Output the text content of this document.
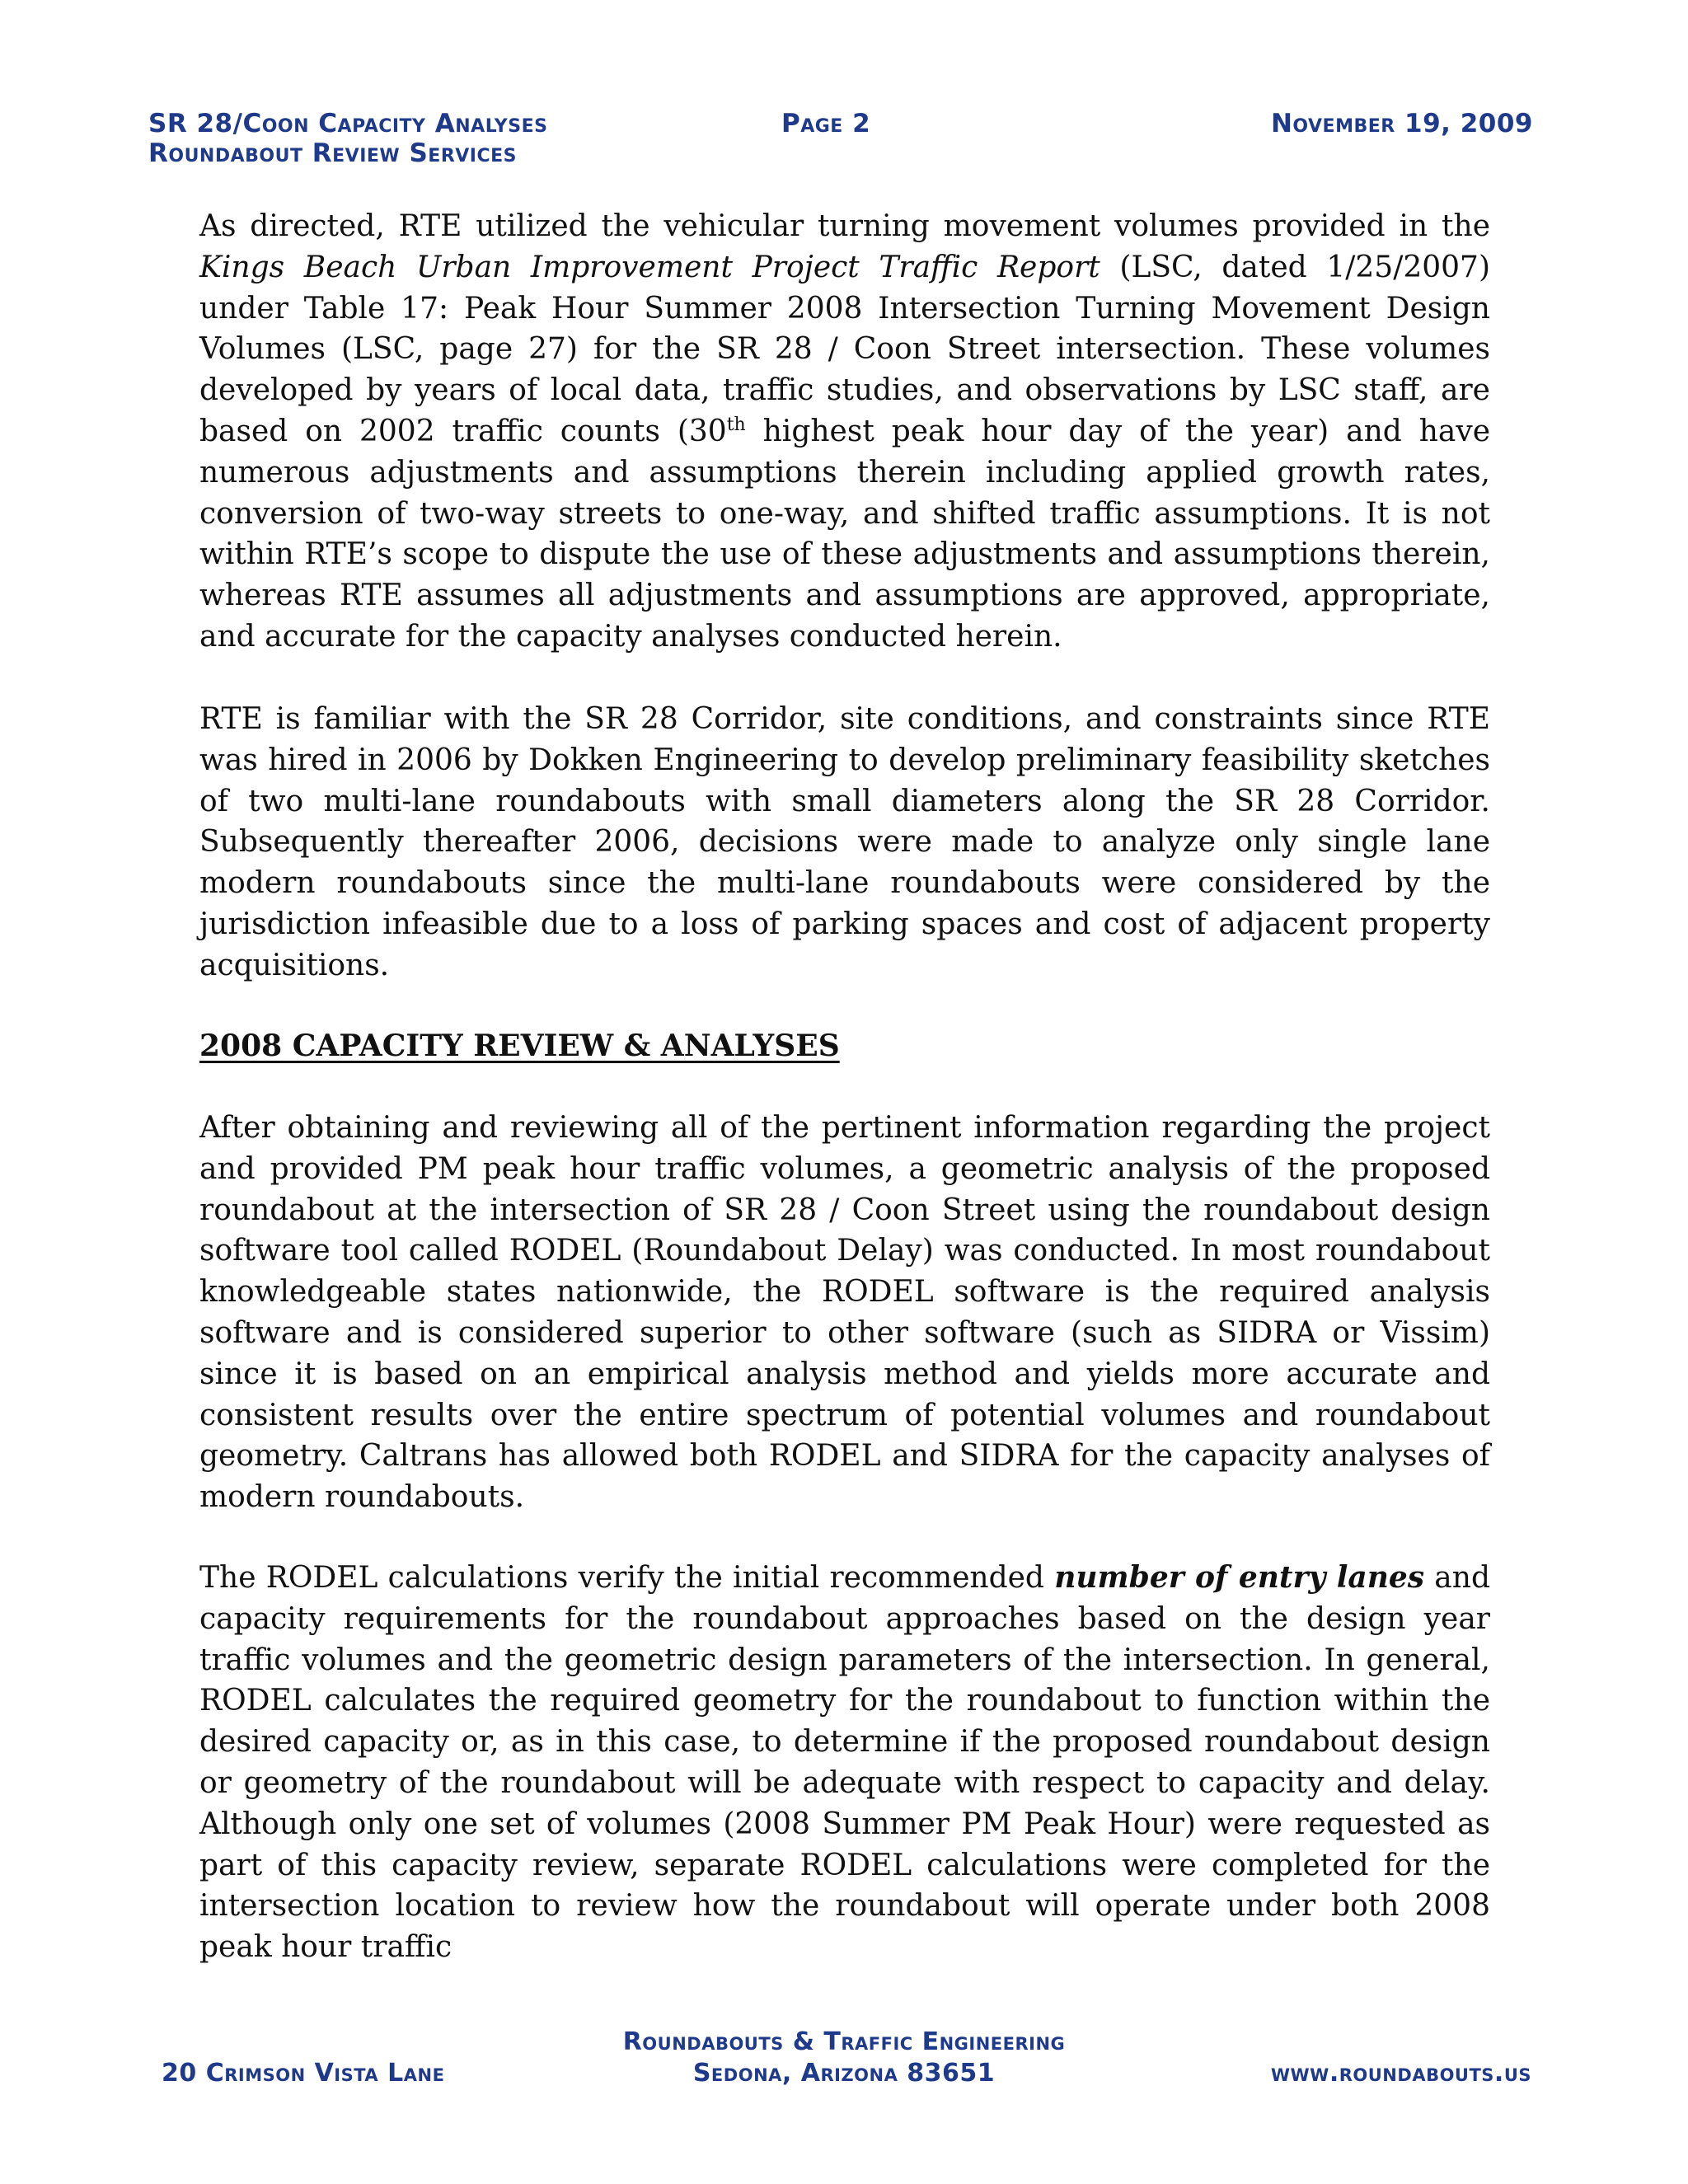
SR 28/Coon Capacity Analyses	Page 2	November 19, 2009
Roundabout Review Services

As directed, RTE utilized the vehicular turning movement volumes provided in the Kings Beach Urban Improvement Project Traffic Report (LSC, dated 1/25/2007) under Table 17: Peak Hour Summer 2008 Intersection Turning Movement Design Volumes (LSC, page 27) for the SR 28 / Coon Street intersection. These volumes developed by years of local data, traffic studies, and observations by LSC staff, are based on 2002 traffic counts (30th highest peak hour day of the year) and have numerous adjustments and assumptions therein including applied growth rates, conversion of two-way streets to one-way, and shifted traffic assumptions. It is not within RTE’s scope to dispute the use of these adjustments and assumptions therein, whereas RTE assumes all adjustments and assumptions are approved, appropriate, and accurate for the capacity analyses conducted herein.

RTE is familiar with the SR 28 Corridor, site conditions, and constraints since RTE was hired in 2006 by Dokken Engineering to develop preliminary feasibility sketches of two multi-lane roundabouts with small diameters along the SR 28 Corridor. Subsequently thereafter 2006, decisions were made to analyze only single lane modern roundabouts since the multi-lane roundabouts were considered by the jurisdiction infeasible due to a loss of parking spaces and cost of adjacent property acquisitions.

2008 CAPACITY REVIEW & ANALYSES

After obtaining and reviewing all of the pertinent information regarding the project and provided PM peak hour traffic volumes, a geometric analysis of the proposed roundabout at the intersection of SR 28 / Coon Street using the roundabout design software tool called RODEL (Roundabout Delay) was conducted. In most roundabout knowledgeable states nationwide, the RODEL software is the required analysis software and is considered superior to other software (such as SIDRA or Vissim) since it is based on an empirical analysis method and yields more accurate and consistent results over the entire spectrum of potential volumes and roundabout geometry. Caltrans has allowed both RODEL and SIDRA for the capacity analyses of modern roundabouts.

The RODEL calculations verify the initial recommended number of entry lanes and capacity requirements for the roundabout approaches based on the design year traffic volumes and the geometric design parameters of the intersection. In general, RODEL calculates the required geometry for the roundabout to function within the desired capacity or, as in this case, to determine if the proposed roundabout design or geometry of the roundabout will be adequate with respect to capacity and delay. Although only one set of volumes (2008 Summer PM Peak Hour) were requested as part of this capacity review, separate RODEL calculations were completed for the intersection location to review how the roundabout will operate under both 2008 peak hour traffic

Roundabouts & Traffic Engineering
20 Crimson Vista Lane	Sedona, Arizona 83651	www.roundabouts.us
